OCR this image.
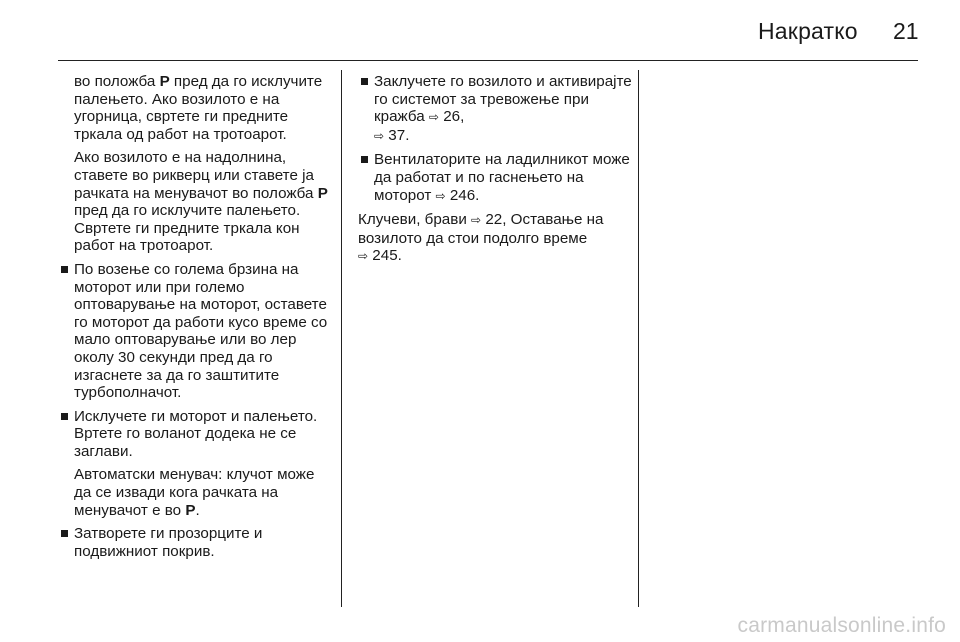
Накратко 21

во положба P пред да го исклучите палењето. Ако возилото е на угорница, свртете ги предните тркала од работ на тротоарот.

Ако возилото е на надолнина, ставете во рикверц или ставете ја рачката на менувачот во положба P пред да го исклучите палењето. Свртете ги предните тркала кон работ на тротоарот.

По возење со голема брзина на моторот или при големо оптоварување на моторот, оставете го моторот да работи кусо време со мало оптоварување или во лер околу 30 секунди пред да го изгаснете за да го заштитите турбополначот.
Исклучете ги моторот и палењето. Вртете го воланот додека не се заглави.
Автоматски менувач: клучот може да се извади кога рачката на менувачот е во P.
Затворете ги прозорците и подвижниот покрив.
Заклучете го возилото и активирајте го системот за тревожење при кражба ⇨ 26,
⇨ 37.
Вентилаторите на ладилникот може да работат и по гаснењето на моторот ⇨ 246.

Клучеви, брави ⇨ 22, Оставање на возилото да стои подолго време
⇨ 245.

carmanualsonline.info
